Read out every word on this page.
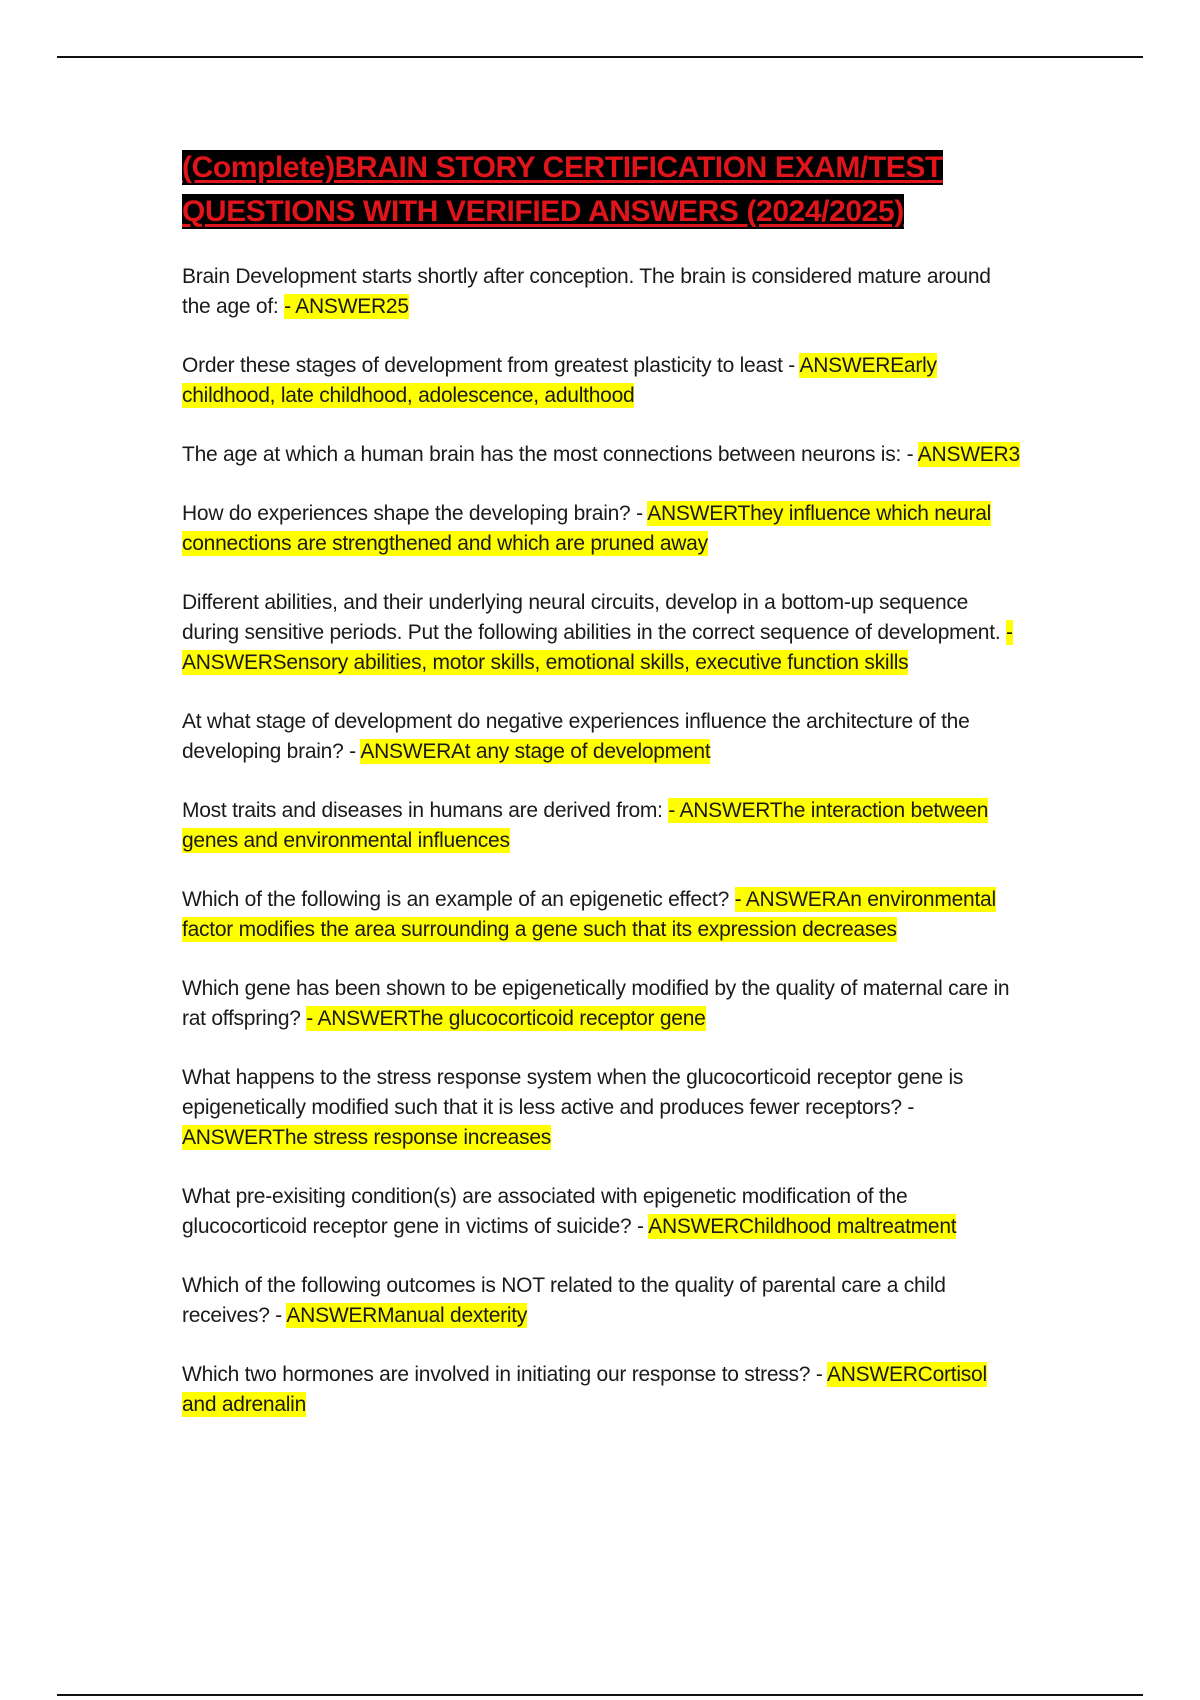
(Complete)BRAIN STORY CERTIFICATION EXAM/TEST QUESTIONS WITH VERIFIED ANSWERS (2024/2025)

Brain Development starts shortly after conception. The brain is considered mature around the age of: - ANSWER25

Order these stages of development from greatest plasticity to least - ANSWEREarly childhood, late childhood, adolescence, adulthood

The age at which a human brain has the most connections between neurons is: - ANSWER3

How do experiences shape the developing brain? - ANSWERThey influence which neural connections are strengthened and which are pruned away

Different abilities, and their underlying neural circuits, develop in a bottom-up sequence during sensitive periods. Put the following abilities in the correct sequence of development. - ANSWERSensory abilities, motor skills, emotional skills, executive function skills

At what stage of development do negative experiences influence the architecture of the developing brain? - ANSWERAt any stage of development

Most traits and diseases in humans are derived from: - ANSWERThe interaction between genes and environmental influences

Which of the following is an example of an epigenetic effect? - ANSWERAn environmental factor modifies the area surrounding a gene such that its expression decreases

Which gene has been shown to be epigenetically modified by the quality of maternal care in rat offspring? - ANSWERThe glucocorticoid receptor gene

What happens to the stress response system when the glucocorticoid receptor gene is epigenetically modified such that it is less active and produces fewer receptors? - ANSWERThe stress response increases

What pre-exisiting condition(s) are associated with epigenetic modification of the glucocorticoid receptor gene in victims of suicide? - ANSWERChildhood maltreatment

Which of the following outcomes is NOT related to the quality of parental care a child receives? - ANSWERManual dexterity

Which two hormones are involved in initiating our response to stress? - ANSWERCortisol and adrenalin
